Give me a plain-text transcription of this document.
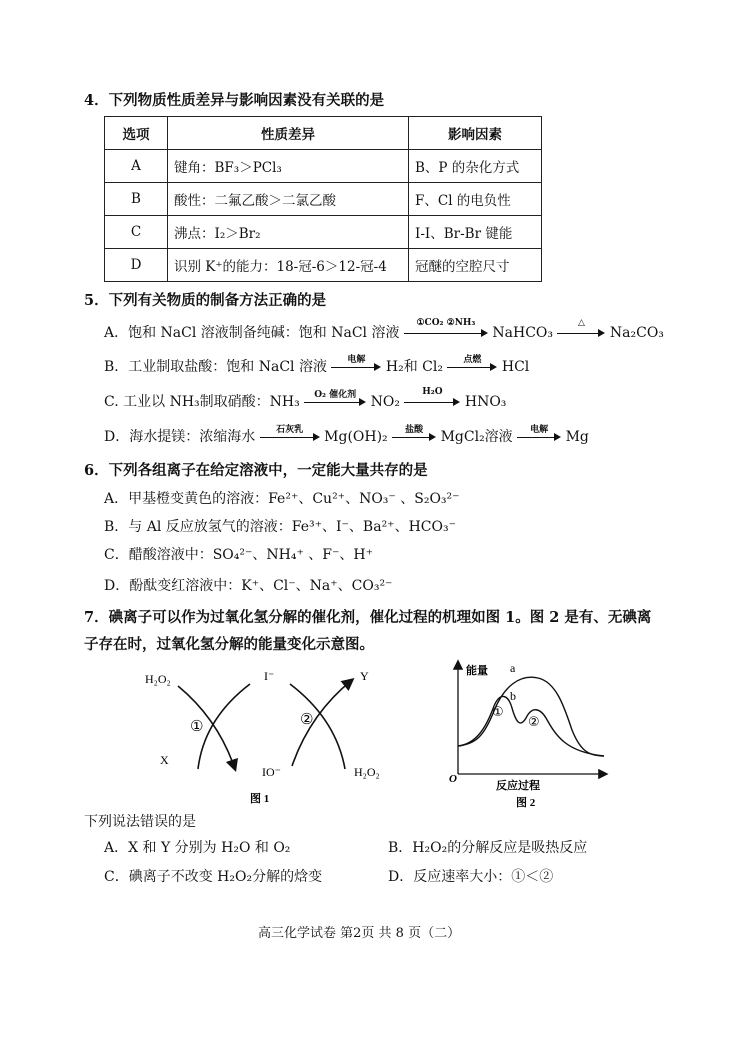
4．下列物质性质差异与影响因素没有关联的是
选项	性质差异	影响因素
A	键角：BF₃＞PCl₃	B、P 的杂化方式
B	酸性：二氟乙酸＞二氯乙酸	F、Cl 的电负性
C	沸点：I₂＞Br₂	I-I、Br-Br 键能
D	识别 K⁺的能力：18-冠-6＞12-冠-4	冠醚的空腔尺寸
5．下列有关物质的制备方法正确的是
A．饱和 NaCl 溶液制备纯碱：饱和 NaCl 溶液
①CO₂ ②NH₃
NaHCO₃
△
Na₂CO₃
B．工业制取盐酸：饱和 NaCl 溶液	电解	H₂和 Cl₂	点燃	HCl
C. 工业以 NH₃制取硝酸：NH₃	O₂ 催化剂	NO₂
H₂O
HNO₃
D．海水提镁：浓缩海水	石灰乳	Mg(OH)₂	盐酸	MgCl₂溶液	电解	Mg
6．下列各组离子在给定溶液中，一定能大量共存的是
A．甲基橙变黄色的溶液：Fe²⁺、Cu²⁺、NO₃⁻ 、S₂O₃²⁻
B．与 Al 反应放氢气的溶液：Fe³⁺、I⁻、Ba²⁺、HCO₃⁻
C．醋酸溶液中：SO₄²⁻、NH₄⁺ 、F⁻、H⁺
D．酚酞变红溶液中：K⁺、Cl⁻、Na⁺、CO₃²⁻
7．碘离子可以作为过氧化氢分解的催化剂，催化过程的机理如图 1。图 2 是有、无碘离
子存在时，过氧化氢分解的能量变化示意图。
H₂O₂
X
I⁻
IO⁻
Y
H₂O₂
①	②
图 1
能量
O
a
b
①
②
反应过程
图 2
下列说法错误的是
A．X 和 Y 分别为 H₂O 和 O₂	B．H₂O₂的分解反应是吸热反应
C．碘离子不改变 H₂O₂分解的焓变	D．反应速率大小：①＜②
高三化学试卷 第2页 共 8 页（二）
